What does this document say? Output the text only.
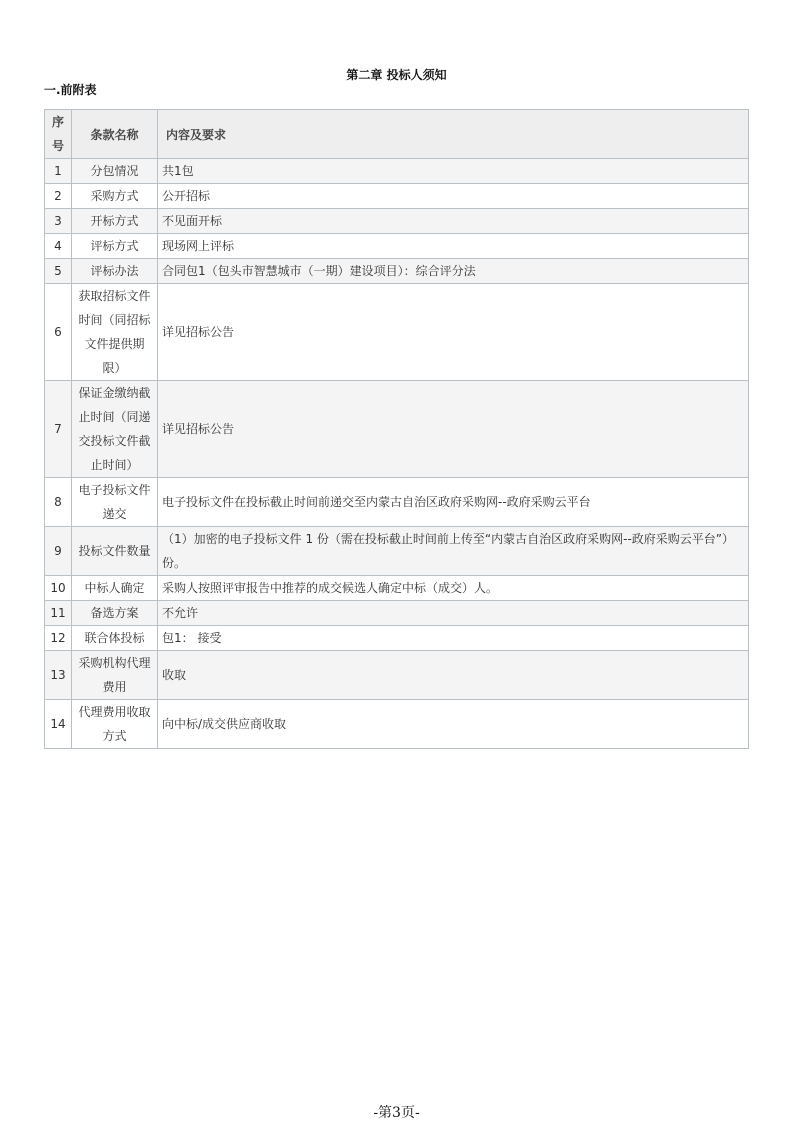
第二章 投标人须知
一.前附表
序号	条款名称	内容及要求
1	分包情况	共1包
2	采购方式	公开招标
3	开标方式	不见面开标
4	评标方式	现场网上评标
5	评标办法	合同包1（包头市智慧城市（一期）建设项目）：综合评分法
6	获取招标文件时间（同招标文件提供期限）	详见招标公告
7	保证金缴纳截止时间（同递交投标文件截止时间）	详见招标公告
8	电子投标文件递交	电子投标文件在投标截止时间前递交至内蒙古自治区政府采购网--政府采购云平台
9	投标文件数量	（1）加密的电子投标文件 1 份（需在投标截止时间前上传至“内蒙古自治区政府采购网--政府采购云平台”） 份。
10	中标人确定	采购人按照评审报告中推荐的成交候选人确定中标（成交）人。
11	备选方案	不允许
12	联合体投标	包1： 接受
13	采购机构代理费用	收取
14	代理费用收取方式	向中标/成交供应商收取
-第3页-
